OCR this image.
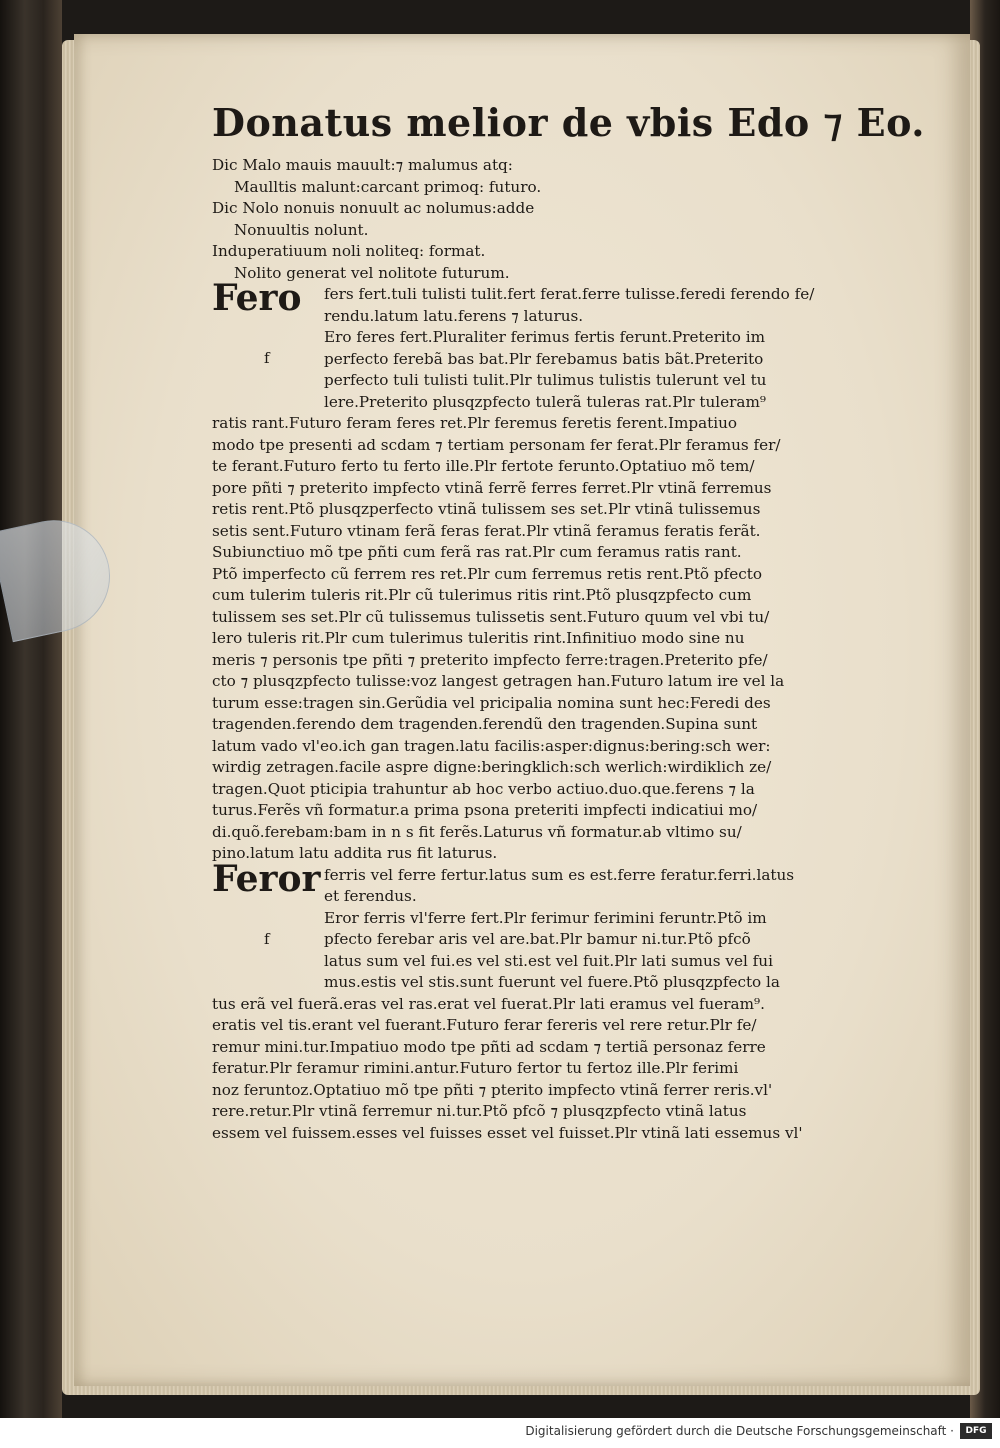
Donatus melior de vbis Edo ⁊ Eo.
Dic Malo mauis mauult:⁊ malumus atq:
Maulltis malunt:carcant primoq: futuro.
Dic Nolo nonuis nonuult ac nolumus:adde
Nonuultis nolunt.
Induperatiuum noli noliteq: format.
Nolito generat vel nolitote futurum.
Fero	fers fert.tuli tulisti tulit.fert ferat.ferre tulisse.feredi ferendo fe/
rendu.latum latu.ferens ⁊ laturus.
f
Ero feres fert.Pluraliter ferimus fertis ferunt.Preterito im
perfecto ferebã bas bat.Plr ferebamus batis bãt.Preterito
perfecto tuli tulisti tulit.Plr tulimus tulistis tulerunt vel tu
lere.Preterito plusqzpfecto tulerã tuleras rat.Plr tuleram⁹
ratis rant.Futuro feram feres ret.Plr feremus feretis ferent.Impatiuo
modo tpe presenti ad scdam ⁊ tertiam personam fer ferat.Plr feramus fer/
te ferant.Futuro ferto tu ferto ille.Plr fertote ferunto.Optatiuo mõ tem/
pore pñti ⁊ preterito impfecto vtinã ferrẽ ferres ferret.Plr vtinã ferremus
retis rent.Ptõ plusqzperfecto vtinã tulissem ses set.Plr vtinã tulissemus
setis sent.Futuro vtinam ferã feras ferat.Plr vtinã feramus feratis ferãt.
Subiunctiuo mõ tpe pñti cum ferã ras rat.Plr cum feramus ratis rant.
Ptõ imperfecto cũ ferrem res ret.Plr cum ferremus retis rent.Ptõ pfecto
cum tulerim tuleris rit.Plr cũ tulerimus ritis rint.Ptõ plusqzpfecto cum
tulissem ses set.Plr cũ tulissemus tulissetis sent.Futuro quum vel vbi tu/
lero tuleris rit.Plr cum tulerimus tuleritis rint.Infinitiuo modo sine nu
meris ⁊ personis tpe pñti ⁊ preterito impfecto ferre:tragen.Preterito pfe/
cto ⁊ plusqzpfecto tulisse:voz langest getragen han.Futuro latum ire vel la
turum esse:tragen sin.Gerũdia vel pricipalia nomina sunt hec:Feredi des
tragenden.ferendo dem tragenden.ferendũ den tragenden.Supina sunt
latum vado vl'eo.ich gan tragen.latu facilis:asper:dignus:bering:sch wer:
wirdig zetragen.facile aspre digne:beringklich:sch werlich:wirdiklich ze/
tragen.Quot pticipia trahuntur ab hoc verbo actiuo.duo.que.ferens ⁊ la
turus.Ferẽs vñ formatur.a prima psona preteriti impfecti indicatiui mo/
di.quõ.ferebam:bam in n s fit ferẽs.Laturus vñ formatur.ab vltimo su/
pino.latum latu addita rus fit laturus.
Feror ferris vel ferre fertur.latus sum es est.ferre feratur.ferri.latus
et ferendus.
f
Eror ferris vl'ferre fert.Plr ferimur ferimini feruntr.Ptõ im
pfecto ferebar aris vel are.bat.Plr bamur ni.tur.Ptõ pfcõ
latus sum vel fui.es vel sti.est vel fuit.Plr lati sumus vel fui
mus.estis vel stis.sunt fuerunt vel fuere.Ptõ plusqzpfecto la
tus erã vel fuerã.eras vel ras.erat vel fuerat.Plr lati eramus vel fueram⁹.
eratis vel tis.erant vel fuerant.Futuro ferar fereris vel rere retur.Plr fe/
remur mini.tur.Impatiuo modo tpe pñti ad scdam ⁊ tertiã personaz ferre
feratur.Plr feramur rimini.antur.Futuro fertor tu fertoz ille.Plr ferimi
noz feruntoz.Optatiuo mõ tpe pñti ⁊ pterito impfecto vtinã ferrer reris.vl'
rere.retur.Plr vtinã ferremur ni.tur.Ptõ pfcõ ⁊ plusqzpfecto vtinã latus
essem vel fuissem.esses vel fuisses esset vel fuisset.Plr vtinã lati essemus vl'
Digitalisierung gefördert durch die Deutsche Forschungsgemeinschaft ·	DFG
